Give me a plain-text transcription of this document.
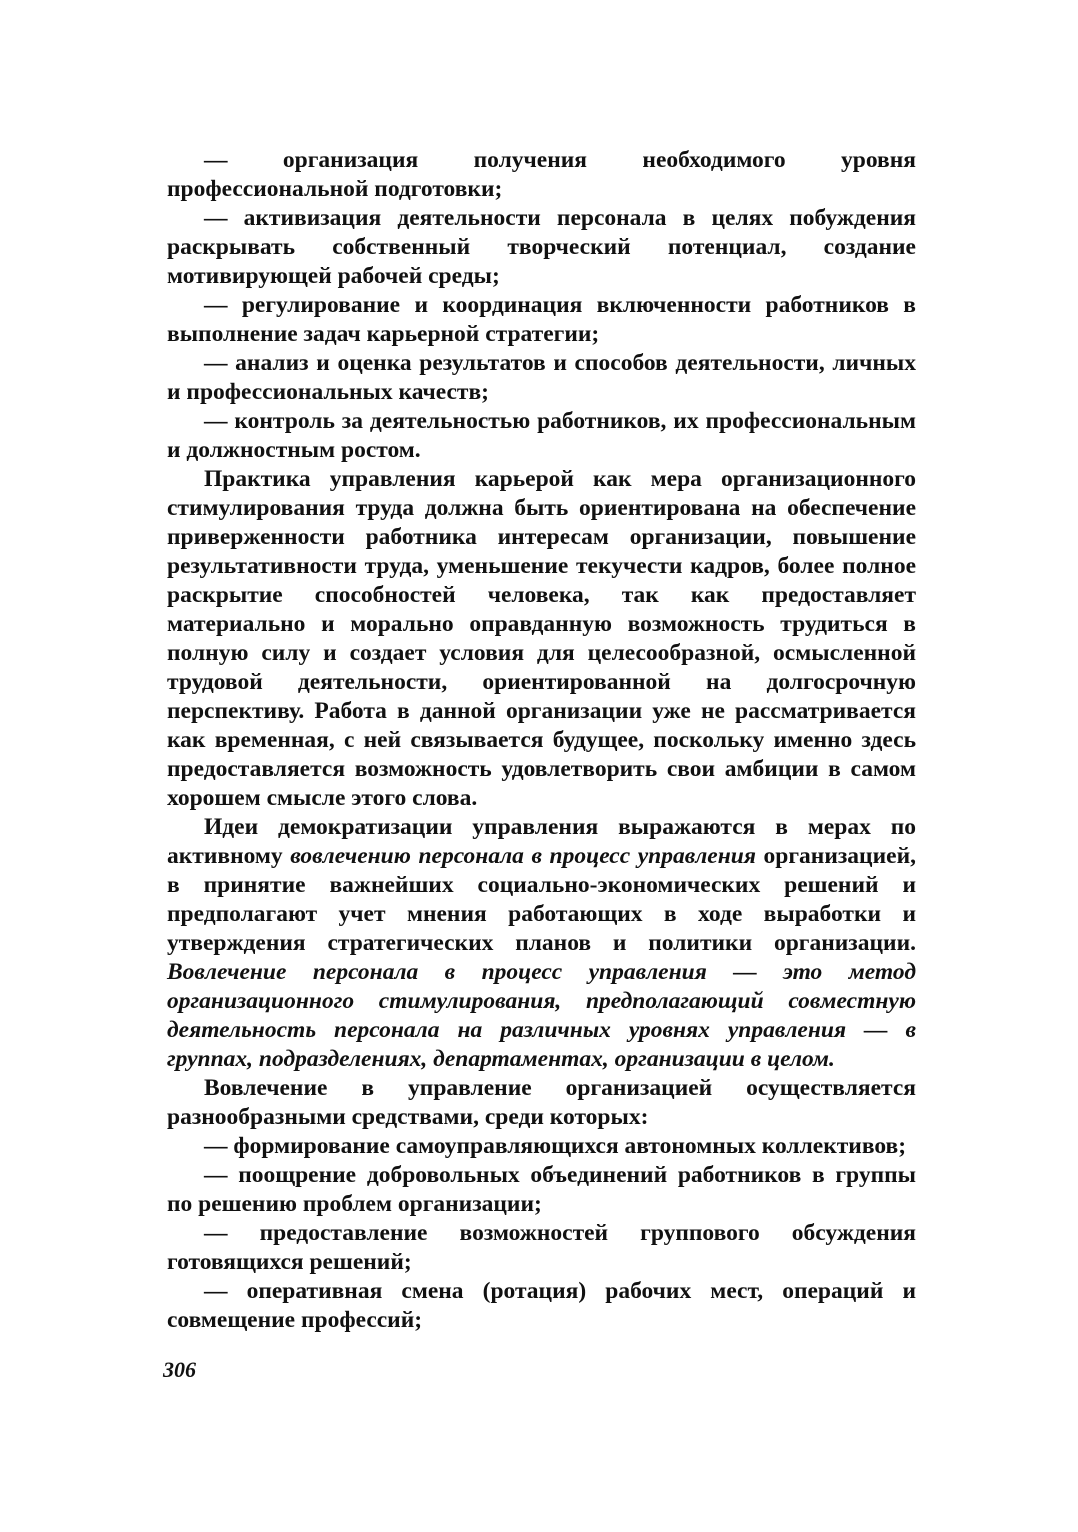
— организация получения необходимого уровня профессиональной подготовки;

— активизация деятельности персонала в целях побуждения раскрывать собственный творческий потенциал, создание мотивирующей рабочей среды;

— регулирование и координация включенности работников в выполнение задач карьерной стратегии;

— анализ и оценка результатов и способов деятельности, личных и профессиональных качеств;

— контроль за деятельностью работников, их профессиональным и должностным ростом.

Практика управления карьерой как мера организационного стимулирования труда должна быть ориентирована на обеспечение приверженности работника интересам организации, повышение результативности труда, уменьшение текучести кадров, более полное раскрытие способностей человека, так как предоставляет материально и морально оправданную возможность трудиться в полную силу и создает условия для целесообразной, осмысленной трудовой деятельности, ориентированной на долгосрочную перспективу. Работа в данной организации уже не рассматривается как временная, с ней связывается будущее, поскольку именно здесь предоставляется возможность удовлетворить свои амбиции в самом хорошем смысле этого слова.

Идеи демократизации управления выражаются в мерах по активному вовлечению персонала в процесс управления организацией, в принятие важнейших социально-экономических решений и предполагают учет мнения работающих в ходе выработки и утверждения стратегических планов и политики организации. Вовлечение персонала в процесс управления — это метод организационного стимулирования, предполагающий совместную деятельность персонала на различных уровнях управления — в группах, подразделениях, департаментах, организации в целом.

Вовлечение в управление организацией осуществляется разнообразными средствами, среди которых:

— формирование самоуправляющихся автономных коллективов;

— поощрение добровольных объединений работников в группы по решению проблем организации;

— предоставление возможностей группового обсуждения готовящихся решений;

— оперативная смена (ротация) рабочих мест, операций и совмещение профессий;

306
